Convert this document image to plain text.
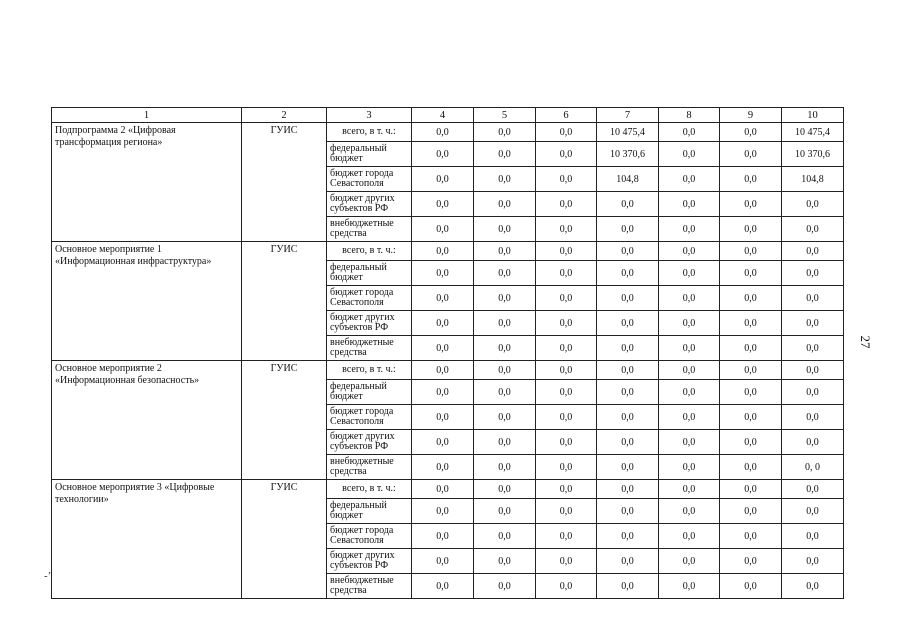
1	2	3	4	5	6	7	8	9	10
Подпрограмма 2 «Цифровая
трансформация региона»	ГУИС	всего, в т. ч.:	0,0	0,0	0,0	10 475,4	0,0	0,0	10 475,4
		федеральный бюджет	0,0	0,0	0,0	10 370,6	0,0	0,0	10 370,6
		бюджет города Севастополя	0,0	0,0	0,0	104,8	0,0	0,0	104,8
		бюджет других субъектов РФ	0,0	0,0	0,0	0,0	0,0	0,0	0,0
		внебюджетные средства	0,0	0,0	0,0	0,0	0,0	0,0	0,0
Основное мероприятие 1
«Информационная инфраструктура»	ГУИС	всего, в т. ч.:	0,0	0,0	0,0	0,0	0,0	0,0	0,0
		федеральный бюджет	0,0	0,0	0,0	0,0	0,0	0,0	0,0
		бюджет города Севастополя	0,0	0,0	0,0	0,0	0,0	0,0	0,0
		бюджет других субъектов РФ	0,0	0,0	0,0	0,0	0,0	0,0	0,0
		внебюджетные средства	0,0	0,0	0,0	0,0	0,0	0,0	0,0
Основное мероприятие 2
«Информационная безопасность»	ГУИС	всего, в т. ч.:	0,0	0,0	0,0	0,0	0,0	0,0	0,0
		федеральный бюджет	0,0	0,0	0,0	0,0	0,0	0,0	0,0
		бюджет города Севастополя	0,0	0,0	0,0	0,0	0,0	0,0	0,0
		бюджет других субъектов РФ	0,0	0,0	0,0	0,0	0,0	0,0	0,0
		внебюджетные средства	0,0	0,0	0,0	0,0	0,0	0,0	0, 0
Основное мероприятие 3 «Цифровые
технологии»	ГУИС	всего, в т. ч.:	0,0	0,0	0,0	0,0	0,0	0,0	0,0
		федеральный бюджет	0,0	0,0	0,0	0,0	0,0	0,0	0,0
		бюджет города Севастополя	0,0	0,0	0,0	0,0	0,0	0,0	0,0
		бюджет других субъектов РФ	0,0	0,0	0,0	0,0	0,0	0,0	0,0
		внебюджетные средства	0,0	0,0	0,0	0,0	0,0	0,0	0,0
27
-’
